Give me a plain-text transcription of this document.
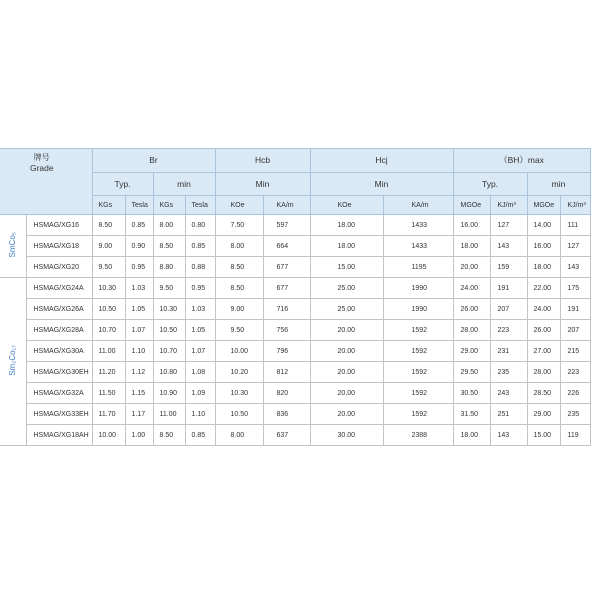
牌号
Grade		Br				Hcb		Hcj		（BH）max			
		Typ.		min		Min		Min		Typ.		min	
		KGs	Tesla	KGs	Tesla	KOe	KA/m	KOe	KA/m	MGOe	KJ/m³	MGOe	KJ/m³
SmCo₅	HSMAG/XG16	8.50	0.85	8.00	0.80	7.50	597	18.00	1433	16.00	127	14.00	111
	HSMAG/XG18	9.00	0.90	8.50	0.85	8.00	664	18.00	1433	18.00	143	16.00	127
	HSMAG/XG20	9.50	0.95	8.80	0.88	8.50	677	15.00	1195	20.00	159	18.00	143
Sm₂Co₁₇	HSMAG/XG24A	10.30	1.03	9.50	0.95	8.50	677	25.00	1990	24.00	191	22.00	175
	HSMAG/XG26A	10.50	1.05	10.30	1.03	9.00	716	25.00	1990	26.00	207	24.00	191
	HSMAG/XG28A	10.70	1.07	10.50	1.05	9.50	756	20.00	1592	28.00	223	26.00	207
	HSMAG/XG30A	11.00	1.10	10.70	1.07	10.00	796	20.00	1592	29.00	231	27.00	215
	HSMAG/XG30EH	11.20	1.12	10.80	1.08	10.20	812	20.00	1592	29.50	235	28.00	223
	HSMAG/XG32A	11.50	1.15	10.90	1.09	10.30	820	20.00	1592	30.50	243	28.50	226
	HSMAG/XG33EH	11.70	1.17	11.00	1.10	10.50	836	20.00	1592	31.50	251	29.00	235
	HSMAG/XG18AH	10.00	1.00	8.50	0.85	8.00	637	30.00	2388	18.00	143	15.00	119
